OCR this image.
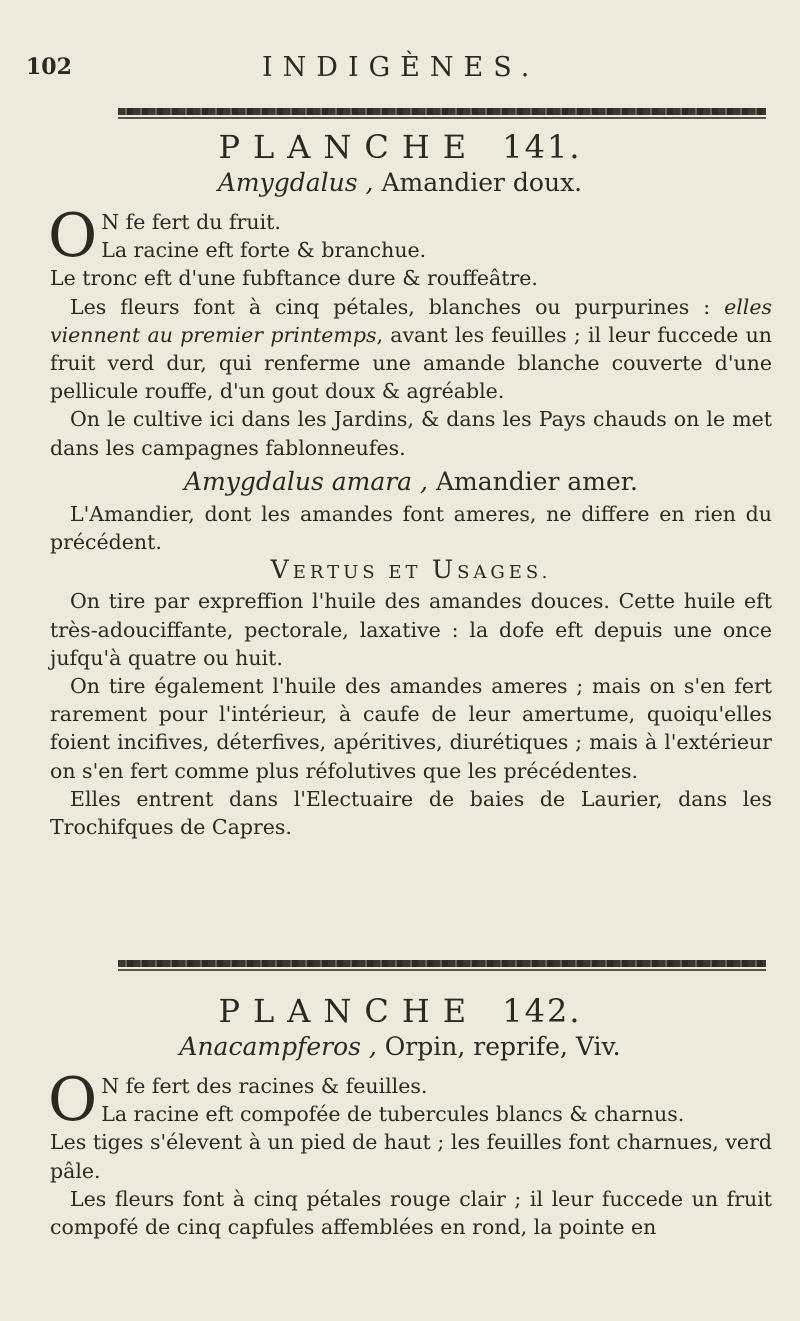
102	INDIGÈNES.
PLANCHE 141.
Amygdalus , Amandier doux.

O N fe fert du fruit.
La racine eft forte & branchue.

Le tronc eft d'une fubftance dure & rouffeâtre.

Les fleurs font à cinq pétales, blanches ou purpurines : elles viennent au premier printemps, avant les feuilles ; il leur fuccede un fruit verd dur, qui renferme une amande blanche couverte d'une pellicule rouffe, d'un gout doux & agréable.

On le cultive ici dans les Jardins, & dans les Pays chauds on le met dans les campagnes fablonneufes.

Amygdalus amara , Amandier amer.

L'Amandier, dont les amandes font ameres, ne differe en rien du précédent.

VERTUS ET USAGES.

On tire par expreffion l'huile des amandes douces. Cette huile eft très-adouciffante, pectorale, laxative : la dofe eft depuis une once jufqu'à quatre ou huit.

On tire également l'huile des amandes ameres ; mais on s'en fert rarement pour l'intérieur, à caufe de leur amertume, quoiqu'elles foient incifives, déterfives, apéritives, diurétiques ; mais à l'extérieur on s'en fert comme plus réfolutives que les précédentes.

Elles entrent dans l'Electuaire de baies de Laurier, dans les Trochifques de Capres.

PLANCHE 142.
Anacampferos , Orpin, reprife, Viv.

O N fe fert des racines & feuilles.
La racine eft compofée de tubercules blancs & charnus.

Les tiges s'élevent à un pied de haut ; les feuilles font charnues, verd pâle.

Les fleurs font à cinq pétales rouge clair ; il leur fuccede un fruit compofé de cinq capfules affemblées en rond, la pointe en
